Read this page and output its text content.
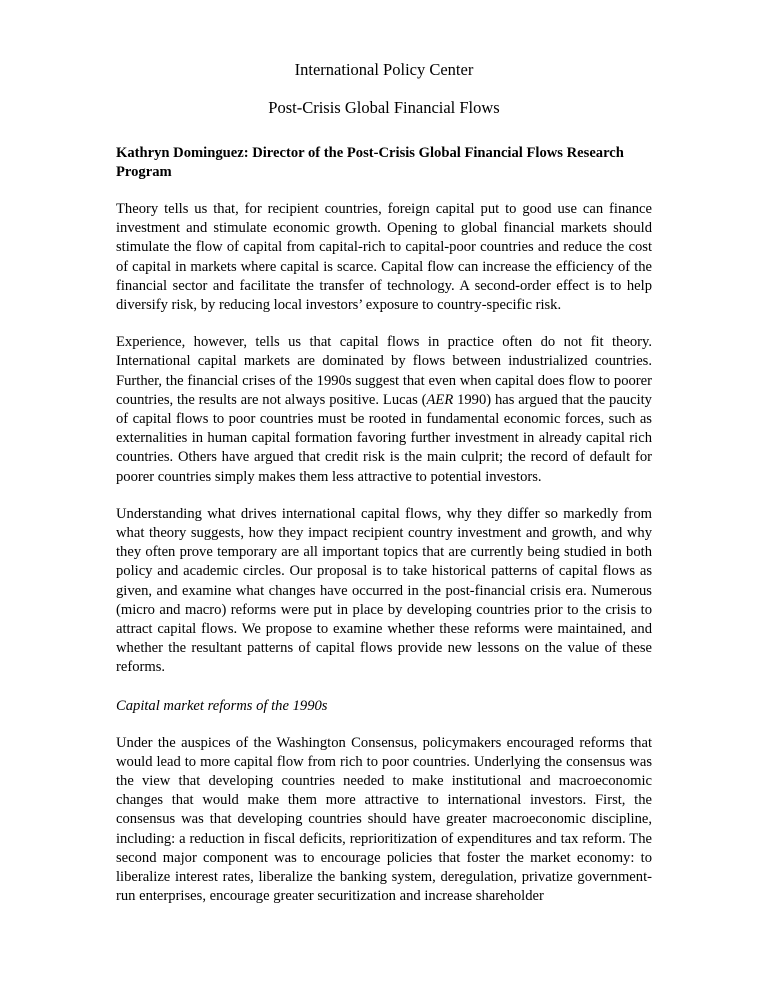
International Policy Center

Post-Crisis Global Financial Flows

Kathryn Dominguez: Director of the Post-Crisis Global Financial Flows Research Program

Theory tells us that, for recipient countries, foreign capital put to good use can finance investment and stimulate economic growth. Opening to global financial markets should stimulate the flow of capital from capital-rich to capital-poor countries and reduce the cost of capital in markets where capital is scarce. Capital flow can increase the efficiency of the financial sector and facilitate the transfer of technology. A second-order effect is to help diversify risk, by reducing local investors’ exposure to country-specific risk.

Experience, however, tells us that capital flows in practice often do not fit theory. International capital markets are dominated by flows between industrialized countries. Further, the financial crises of the 1990s suggest that even when capital does flow to poorer countries, the results are not always positive. Lucas (AER 1990) has argued that the paucity of capital flows to poor countries must be rooted in fundamental economic forces, such as externalities in human capital formation favoring further investment in already capital rich countries. Others have argued that credit risk is the main culprit; the record of default for poorer countries simply makes them less attractive to potential investors.

Understanding what drives international capital flows, why they differ so markedly from what theory suggests, how they impact recipient country investment and growth, and why they often prove temporary are all important topics that are currently being studied in both policy and academic circles. Our proposal is to take historical patterns of capital flows as given, and examine what changes have occurred in the post-financial crisis era. Numerous (micro and macro) reforms were put in place by developing countries prior to the crisis to attract capital flows. We propose to examine whether these reforms were maintained, and whether the resultant patterns of capital flows provide new lessons on the value of these reforms.

Capital market reforms of the 1990s

Under the auspices of the Washington Consensus, policymakers encouraged reforms that would lead to more capital flow from rich to poor countries. Underlying the consensus was the view that developing countries needed to make institutional and macroeconomic changes that would make them more attractive to international investors. First, the consensus was that developing countries should have greater macroeconomic discipline, including: a reduction in fiscal deficits, reprioritization of expenditures and tax reform. The second major component was to encourage policies that foster the market economy: to liberalize interest rates, liberalize the banking system, deregulation, privatize government-run enterprises, encourage greater securitization and increase shareholder
